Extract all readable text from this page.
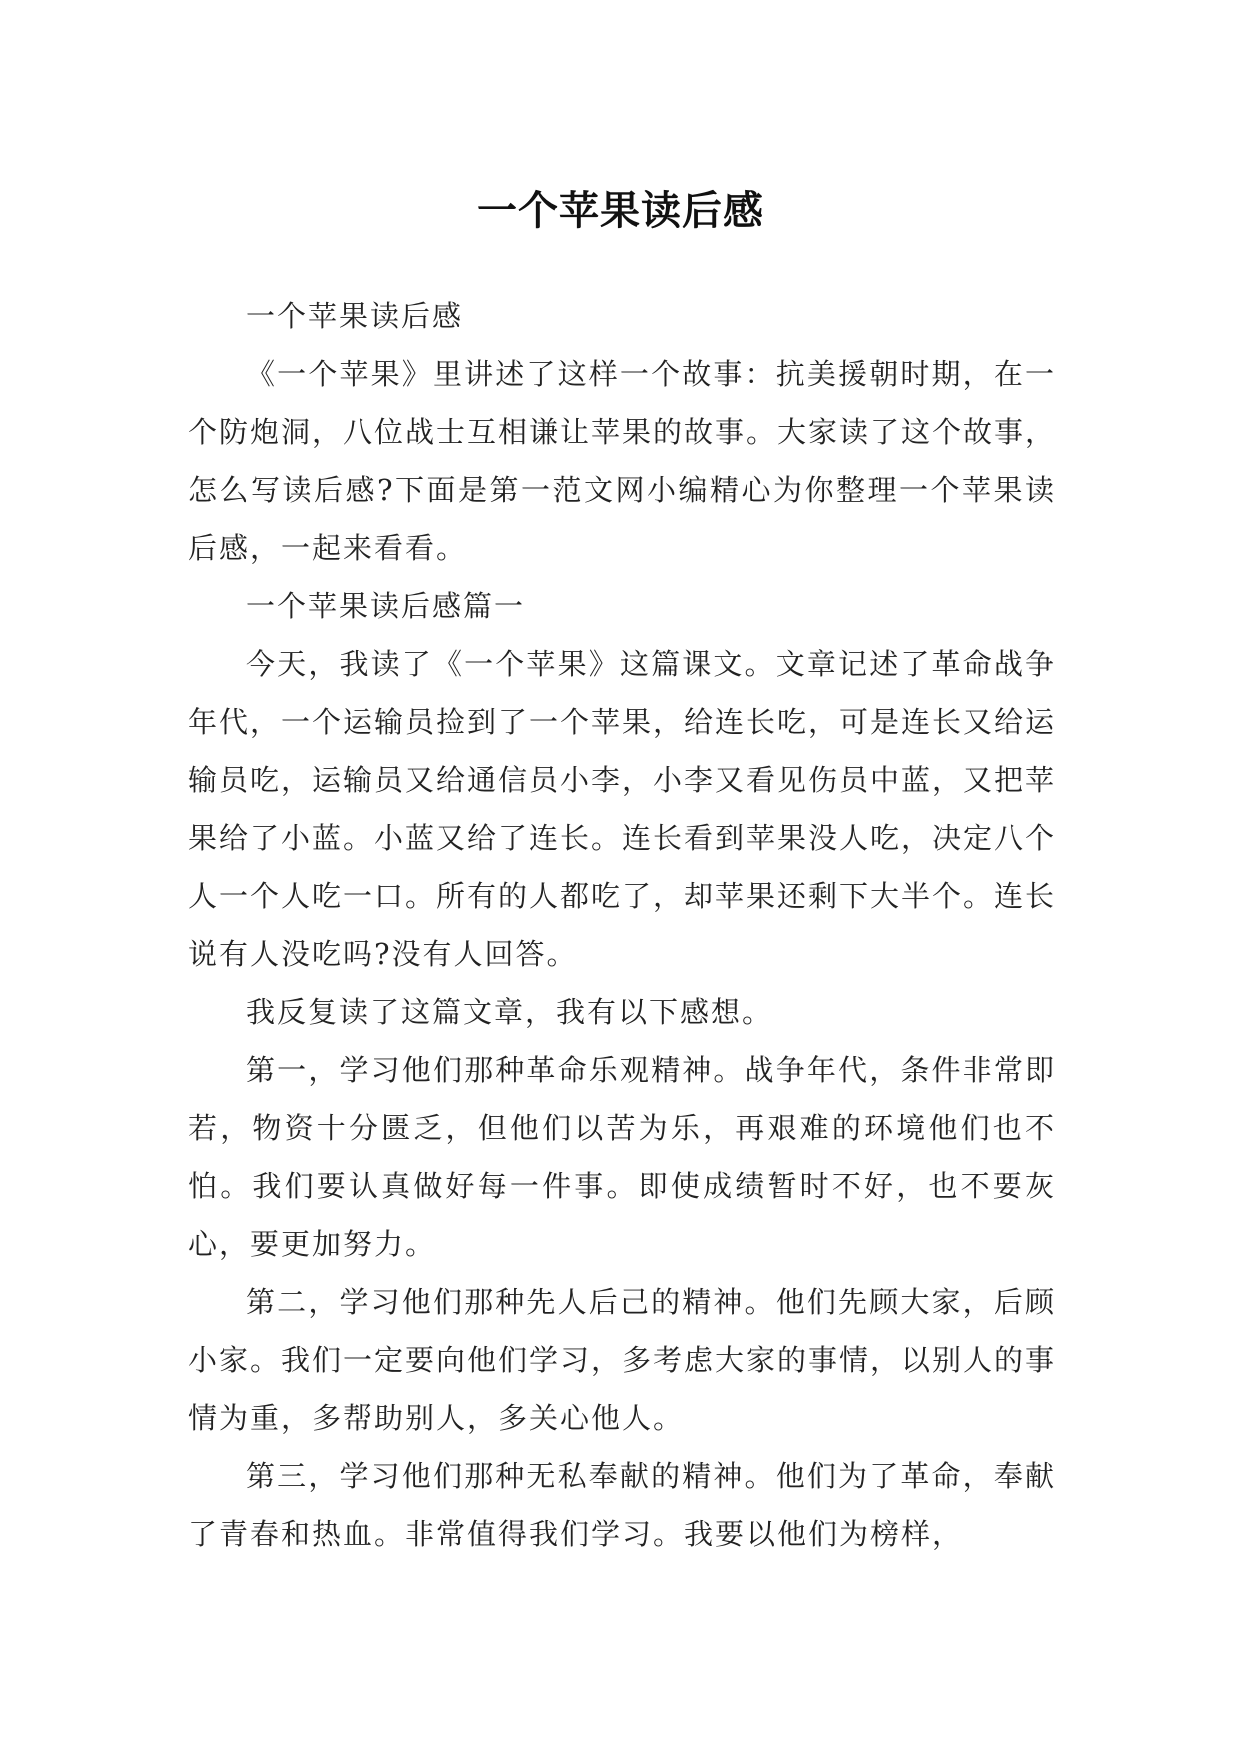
一个苹果读后感

一个苹果读后感

《一个苹果》里讲述了这样一个故事：抗美援朝时期，在一个防炮洞，八位战士互相谦让苹果的故事。大家读了这个故事，怎么写读后感?下面是第一范文网小编精心为你整理一个苹果读后感，一起来看看。

一个苹果读后感篇一

今天，我读了《一个苹果》这篇课文。文章记述了革命战争年代，一个运输员捡到了一个苹果，给连长吃，可是连长又给运输员吃，运输员又给通信员小李，小李又看见伤员中蓝，又把苹果给了小蓝。小蓝又给了连长。连长看到苹果没人吃，决定八个人一个人吃一口。所有的人都吃了，却苹果还剩下大半个。连长说有人没吃吗?没有人回答。

我反复读了这篇文章，我有以下感想。

第一，学习他们那种革命乐观精神。战争年代，条件非常即若，物资十分匮乏，但他们以苦为乐，再艰难的环境他们也不怕。我们要认真做好每一件事。即使成绩暂时不好，也不要灰心，要更加努力。

第二，学习他们那种先人后己的精神。他们先顾大家，后顾小家。我们一定要向他们学习，多考虑大家的事情，以别人的事情为重，多帮助别人，多关心他人。

第三，学习他们那种无私奉献的精神。他们为了革命，奉献了青春和热血。非常值得我们学习。我要以他们为榜样，
